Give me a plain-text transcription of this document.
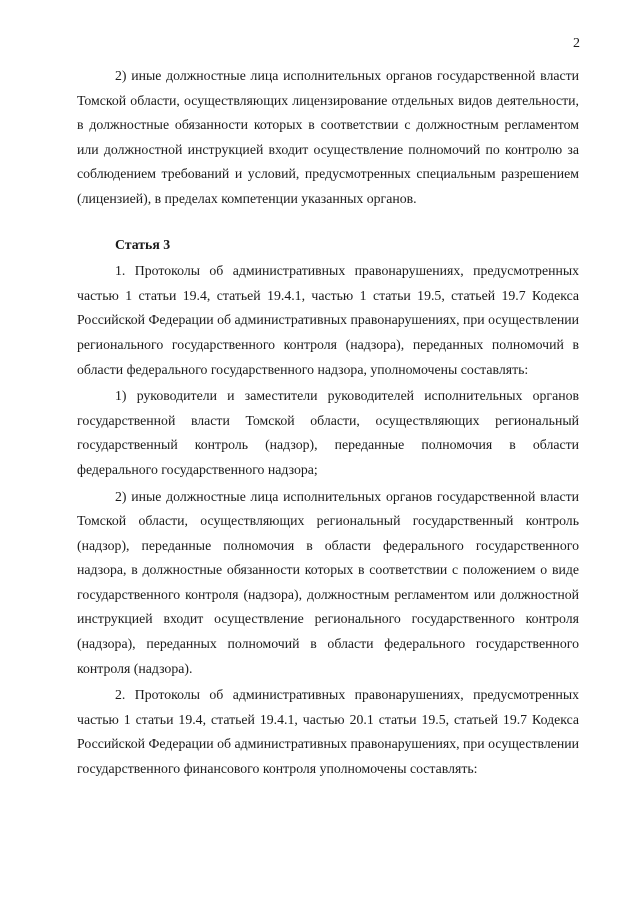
2

2) иные должностные лица исполнительных органов государственной власти Томской области, осуществляющих лицензирование отдельных видов деятельности, в должностные обязанности которых в соответствии с должностным регламентом или должностной инструкцией входит осуществление полномочий по контролю за соблюдением требований и условий, предусмотренных специальным разрешением (лицензией), в пределах компетенции указанных органов.

Статья 3

1. Протоколы об административных правонарушениях, предусмотренных частью 1 статьи 19.4, статьей 19.4.1, частью 1 статьи 19.5, статьей 19.7 Кодекса Российской Федерации об административных правонарушениях, при осуществлении регионального государственного контроля (надзора), переданных полномочий в области федерального государственного надзора, уполномочены составлять:

1) руководители и заместители руководителей исполнительных органов государственной власти Томской области, осуществляющих региональный государственный контроль (надзор), переданные полномочия в области федерального государственного надзора;

2) иные должностные лица исполнительных органов государственной власти Томской области, осуществляющих региональный государственный контроль (надзор), переданные полномочия в области федерального государственного надзора, в должностные обязанности которых в соответствии с положением о виде государственного контроля (надзора), должностным регламентом или должностной инструкцией входит осуществление регионального государственного контроля (надзора), переданных полномочий в области федерального государственного контроля (надзора).

2. Протоколы об административных правонарушениях, предусмотренных частью 1 статьи 19.4, статьей 19.4.1, частью 20.1 статьи 19.5, статьей 19.7 Кодекса Российской Федерации об административных правонарушениях, при осуществлении государственного финансового контроля уполномочены составлять:
